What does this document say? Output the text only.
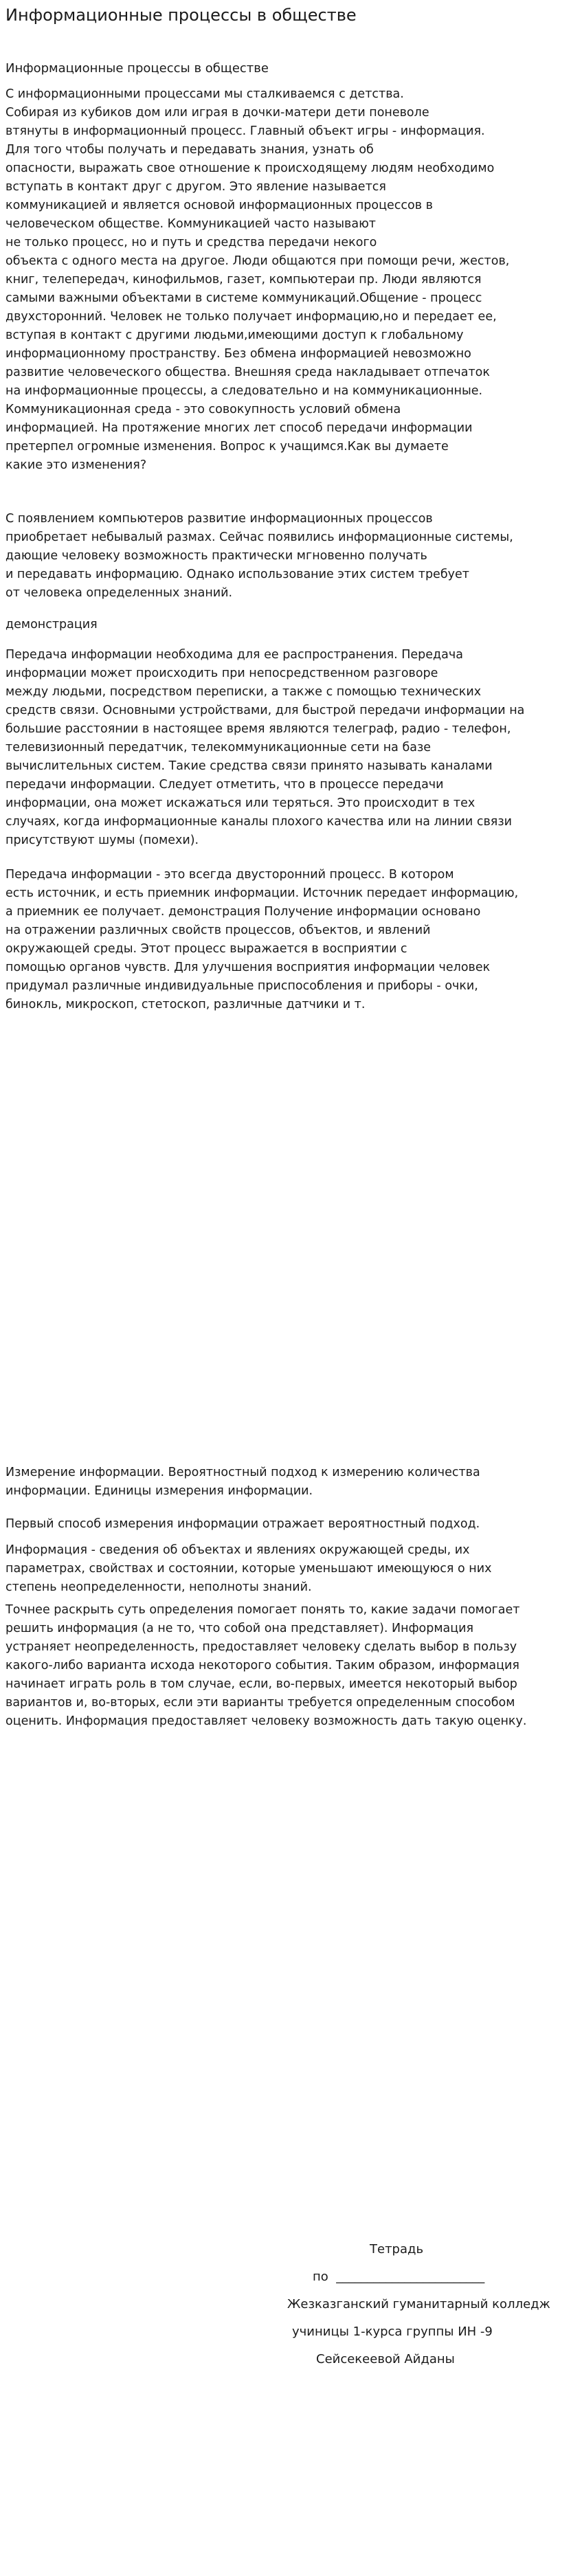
Информационные процессы в обществе

Информационные процессы в обществе

С информационными процессами мы сталкиваемся с детства.
Собирая из кубиков дом или играя в дочки-матери дети поневоле
втянуты в информационный процесс. Главный объект игры - информация.
Для того чтобы получать и передавать знания, узнать об
опасности, выражать свое отношение к происходящему людям необходимо
вступать в контакт друг с другом. Это явление называется
коммуникацией и является основой информационных процессов в
человеческом обществе. Коммуникацией часто называют
не только процесс, но и путь и средства передачи некого
объекта с одного места на другое. Люди общаются при помощи речи, жестов,
книг, телепередач, кинофильмов, газет, компьютерaи пр. Люди являются
самыми важными объектами в системе коммуникаций.Общение - процесс
двухсторонний. Человек не только получает информацию,но и передает ее,
вступая в контакт с другими людьми,имеющими доступ к глобальному
информационному пространству. Без обмена информацией невозможно
развитие человеческого общества. Внешняя среда накладывает отпечаток
на информационные процессы, а следовательно и на коммуникационные.
Коммуникационная среда - это совокупность условий обмена
информацией. На протяжение многих лет способ передачи информации
претерпел огромные изменения. Вопрос к учащимся.Как вы думаете
какие это изменения?

С появлением компьютеров развитие информационных процессов
приобретает небывалый размах. Сейчас появились информационные системы,
дающие человеку возможность практически мгновенно получать
и передавать информацию. Однако использование этих систем требует
от человека определенных знаний.

демонстрация

Передача информации необходима для ее распространения. Передача
информации может происходить при непосредственном разговоре
между людьми, посредством переписки, а также с помощью технических
средств связи. Основными устройствами, для быстрой передачи информации на
большие расстоянии в настоящее время являются телеграф, радио - телефон,
телевизионный передатчик, телекоммуникационные сети на базе
вычислительных систем. Такие средства связи принято называть каналами
передачи информации. Следует отметить, что в процессе передачи
информации, она может искажаться или теряться. Это происходит в тех
случаях, когда информационные каналы плохого качества или на линии связи
присутствуют шумы (помехи).

Передача информации - это всегда двусторонний процесс. В котором
есть источник, и есть приемник информации. Источник передает информацию,
а приемник ее получает. демонстрация Получение информации основано
на отражении различных свойств процессов, объектов, и явлений
окружающей среды. Этот процесс выражается в восприятии с
помощью органов чувств. Для улучшения восприятия информации человек
придумал различные индивидуальные приспособления и приборы - очки,
бинокль, микроскоп, стетоскоп, различные датчики и т.

Измерение информации. Вероятностный подход к измерению количества
информации. Единицы измерения информации.

Первый способ измерения информации отражает вероятностный подход.

Информация - сведения об объектах и явлениях окружающей среды, их
параметрах, свойствах и состоянии, которые уменьшают имеющуюся о них
степень неопределенности, неполноты знаний.

Точнее раскрыть суть определения помогает понять то, какие задачи помогает
решить информация (а не то, что собой она представляет). Информация
устраняет неопределенность, предоставляет человеку сделать выбор в пользу
какого-либо варианта исхода некоторого события. Таким образом, информация
начинает играть роль в том случае, если, во-первых, имеется некоторый выбор
вариантов и, во-вторых, если эти варианты требуется определенным способом
оценить. Информация предоставляет человеку возможность дать такую оценку.

Тетрадь

по  ________________________

Жезказганский гуманитарный колледж

учиницы 1-курса группы ИН -9

Сейсекеевой Айданы
